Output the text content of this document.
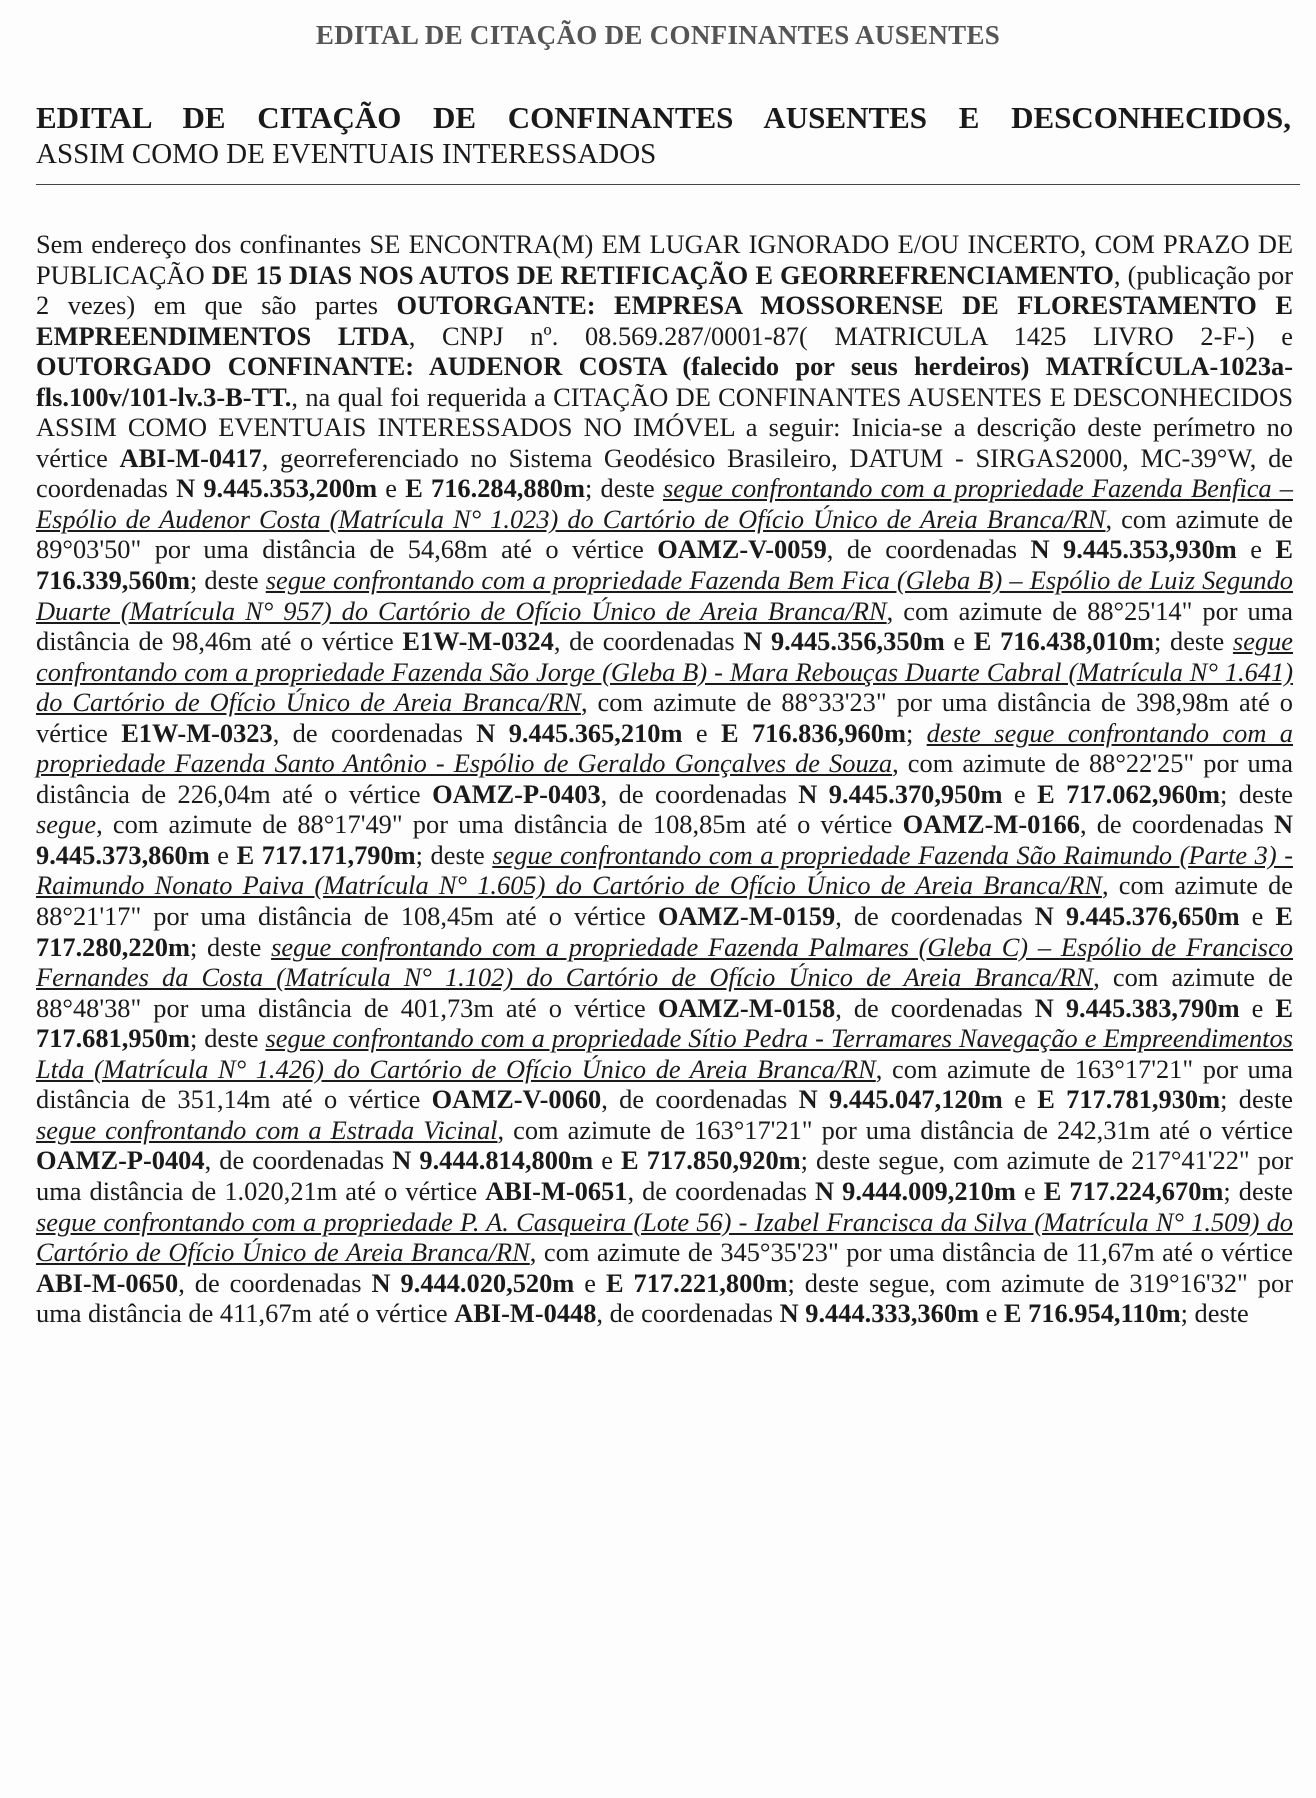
EDITAL DE CITAÇÃO DE CONFINANTES AUSENTES
EDITAL DE CITAÇÃO DE CONFINANTES AUSENTES E DESCONHECIDOS,
ASSIM COMO DE EVENTUAIS INTERESSADOS

Sem endereço dos confinantes SE ENCONTRA(M) EM LUGAR IGNORADO E/OU INCERTO, COM PRAZO DE PUBLICAÇÃO DE 15 DIAS NOS AUTOS DE RETIFICAÇÃO E GEORREFRENCIAMENTO, (publicação por 2 vezes) em que são partes OUTORGANTE: EMPRESA MOSSORENSE DE FLORESTAMENTO E EMPREENDIMENTOS LTDA, CNPJ nº. 08.569.287/0001-87( MATRICULA 1425 LIVRO 2-F-) e OUTORGADO CONFINANTE: AUDENOR COSTA (falecido por seus herdeiros) MATRÍCULA-1023a-fls.100v/101-lv.3-B-TT., na qual foi requerida a CITAÇÃO DE CONFINANTES AUSENTES E DESCONHECIDOS ASSIM COMO EVENTUAIS INTERESSADOS NO IMÓVEL a seguir: Inicia-se a descrição deste perímetro no vértice ABI-M-0417, georreferenciado no Sistema Geodésico Brasileiro, DATUM - SIRGAS2000, MC-39°W, de coordenadas N 9.445.353,200m e E 716.284,880m; deste segue confrontando com a propriedade Fazenda Benfica – Espólio de Audenor Costa (Matrícula N° 1.023) do Cartório de Ofício Único de Areia Branca/RN, com azimute de 89°03'50" por uma distância de 54,68m até o vértice OAMZ-V-0059, de coordenadas N 9.445.353,930m e E 716.339,560m; deste segue confrontando com a propriedade Fazenda Bem Fica (Gleba B) – Espólio de Luiz Segundo Duarte (Matrícula N° 957) do Cartório de Ofício Único de Areia Branca/RN, com azimute de 88°25'14" por uma distância de 98,46m até o vértice E1W-M-0324, de coordenadas N 9.445.356,350m e E 716.438,010m; deste segue confrontando com a propriedade Fazenda São Jorge (Gleba B) - Mara Rebouças Duarte Cabral (Matrícula N° 1.641) do Cartório de Ofício Único de Areia Branca/RN, com azimute de 88°33'23" por uma distância de 398,98m até o vértice E1W-M-0323, de coordenadas N 9.445.365,210m e E 716.836,960m; deste segue confrontando com a propriedade Fazenda Santo Antônio - Espólio de Geraldo Gonçalves de Souza, com azimute de 88°22'25" por uma distância de 226,04m até o vértice OAMZ-P-0403, de coordenadas N 9.445.370,950m e E 717.062,960m; deste segue, com azimute de 88°17'49" por uma distância de 108,85m até o vértice OAMZ-M-0166, de coordenadas N 9.445.373,860m e E 717.171,790m; deste segue confrontando com a propriedade Fazenda São Raimundo (Parte 3) - Raimundo Nonato Paiva (Matrícula N° 1.605) do Cartório de Ofício Único de Areia Branca/RN, com azimute de 88°21'17" por uma distância de 108,45m até o vértice OAMZ-M-0159, de coordenadas N 9.445.376,650m e E 717.280,220m; deste segue confrontando com a propriedade Fazenda Palmares (Gleba C) – Espólio de Francisco Fernandes da Costa (Matrícula N° 1.102) do Cartório de Ofício Único de Areia Branca/RN, com azimute de 88°48'38" por uma distância de 401,73m até o vértice OAMZ-M-0158, de coordenadas N 9.445.383,790m e E 717.681,950m; deste segue confrontando com a propriedade Sítio Pedra - Terramares Navegação e Empreendimentos Ltda (Matrícula N° 1.426) do Cartório de Ofício Único de Areia Branca/RN, com azimute de 163°17'21" por uma distância de 351,14m até o vértice OAMZ-V-0060, de coordenadas N 9.445.047,120m e E 717.781,930m; deste segue confrontando com a Estrada Vicinal, com azimute de 163°17'21" por uma distância de 242,31m até o vértice OAMZ-P-0404, de coordenadas N 9.444.814,800m e E 717.850,920m; deste segue, com azimute de 217°41'22" por uma distância de 1.020,21m até o vértice ABI-M-0651, de coordenadas N 9.444.009,210m e E 717.224,670m; deste segue confrontando com a propriedade P. A. Casqueira (Lote 56) - Izabel Francisca da Silva (Matrícula N° 1.509) do Cartório de Ofício Único de Areia Branca/RN, com azimute de 345°35'23" por uma distância de 11,67m até o vértice ABI-M-0650, de coordenadas N 9.444.020,520m e E 717.221,800m; deste segue, com azimute de 319°16'32" por uma distância de 411,67m até o vértice ABI-M-0448, de coordenadas N 9.444.333,360m e E 716.954,110m; deste
